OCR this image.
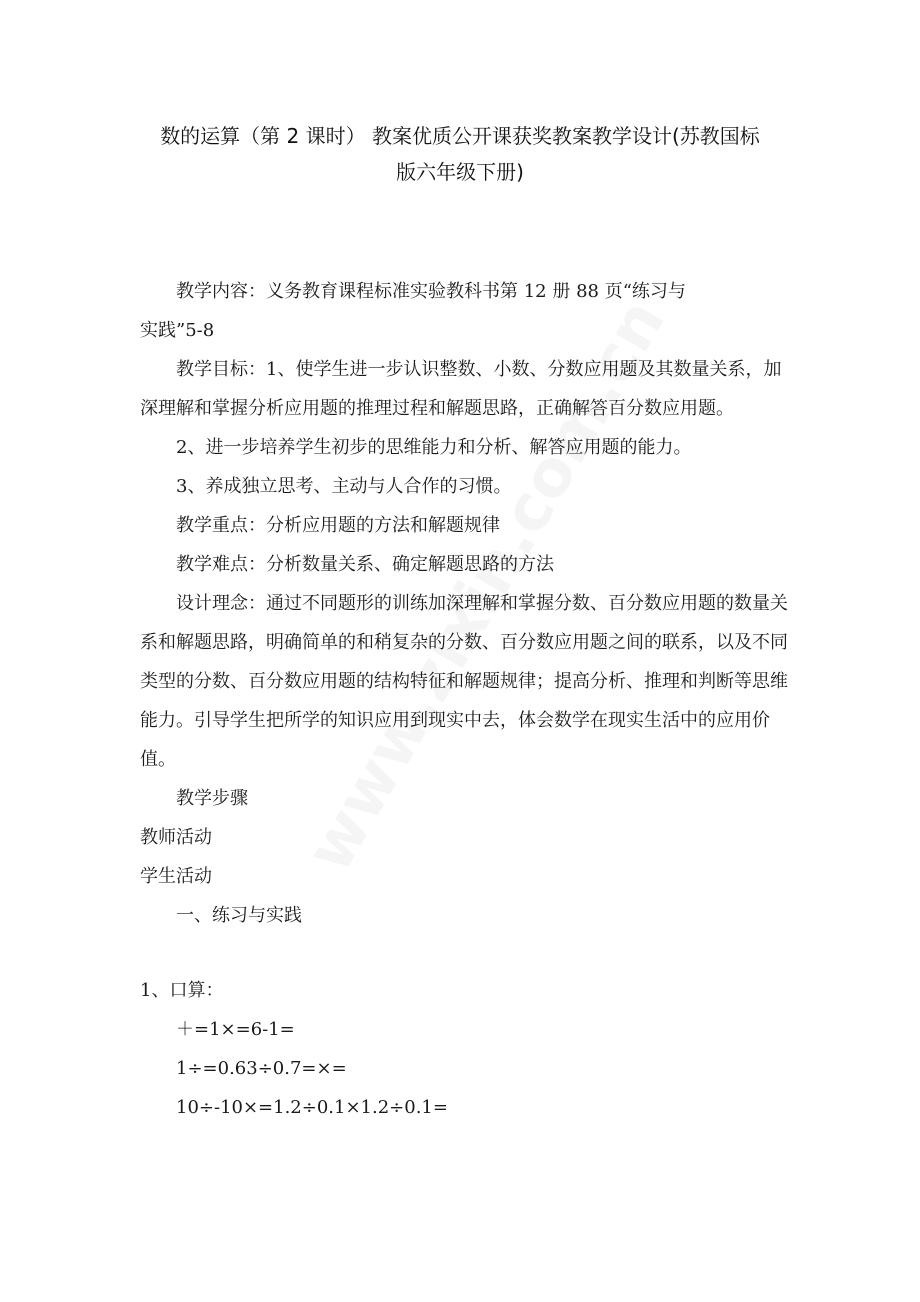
数的运算（第 2 课时） 教案优质公开课获奖教案教学设计(苏教国标
版六年级下册)

教学内容：义务教育课程标准实验教科书第 12 册 88 页“练习与

实践”5-8

教学目标：1、使学生进一步认识整数、小数、分数应用题及其数量关系，加深理解和掌握分析应用题的推理过程和解题思路，正确解答百分数应用题。

2、进一步培养学生初步的思维能力和分析、解答应用题的能力。

3、养成独立思考、主动与人合作的习惯。

教学重点：分析应用题的方法和解题规律

教学难点：分析数量关系、确定解题思路的方法

设计理念：通过不同题形的训练加深理解和掌握分数、百分数应用题的数量关系和解题思路，明确简单的和稍复杂的分数、百分数应用题之间的联系，以及不同类型的分数、百分数应用题的结构特征和解题规律；提高分析、推理和判断等思维能力。引导学生把所学的知识应用到现实中去，体会数学在现实生活中的应用价值。

教学步骤

教师活动

学生活动

一、练习与实践

1、口算：

＋=1×=6-1=

1÷=0.63÷0.7=×=

10÷-10×=1.2÷0.1×1.2÷0.1=
